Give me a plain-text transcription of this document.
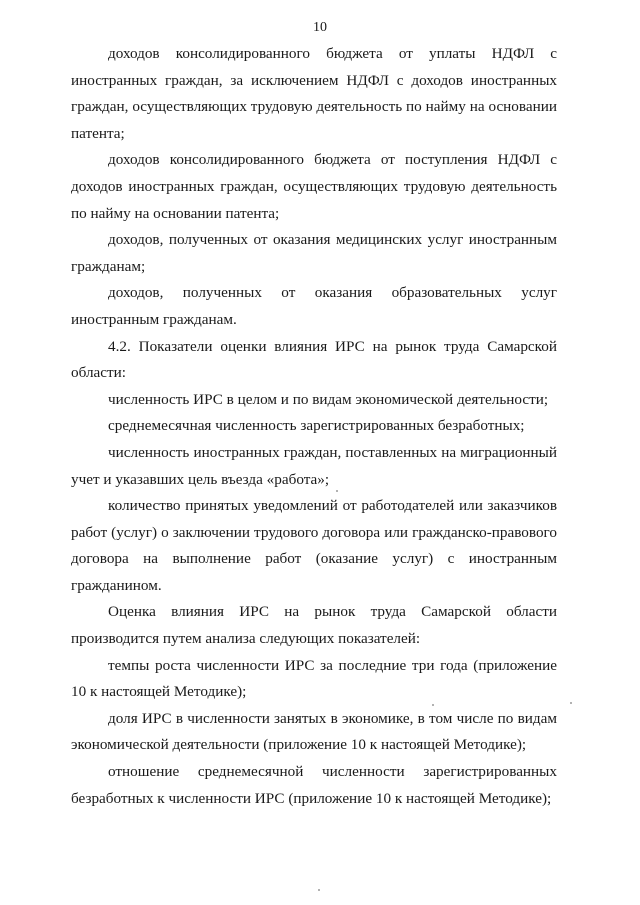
10

доходов консолидированного бюджета от уплаты НДФЛ с иностранных граждан, за исключением НДФЛ с доходов иностранных граждан, осуществляющих трудовую деятельность по найму на основании патента;

доходов консолидированного бюджета от поступления НДФЛ с доходов иностранных граждан, осуществляющих трудовую деятельность по найму на основании патента;

доходов, полученных от оказания медицинских услуг иностранным гражданам;

доходов, полученных от оказания образовательных услуг иностранным гражданам.

4.2. Показатели оценки влияния ИРС на рынок труда Самарской области:

численность ИРС в целом и по видам экономической деятельности;

среднемесячная численность зарегистрированных безработных;

численность иностранных граждан, поставленных на миграционный учет и указавших цель въезда «работа»;

количество принятых уведомлений от работодателей или заказчиков работ (услуг) о заключении трудового договора или гражданско-правового договора на выполнение работ (оказание услуг) с иностранным гражданином.

Оценка влияния ИРС на рынок труда Самарской области производится путем анализа следующих показателей:

темпы роста численности ИРС за последние три года (приложение 10 к настоящей Методике);

доля ИРС в численности занятых в экономике, в том числе по видам экономической деятельности (приложение 10 к настоящей Методике);

отношение среднемесячной численности зарегистрированных безработных к численности ИРС (приложение 10 к настоящей Методике);
